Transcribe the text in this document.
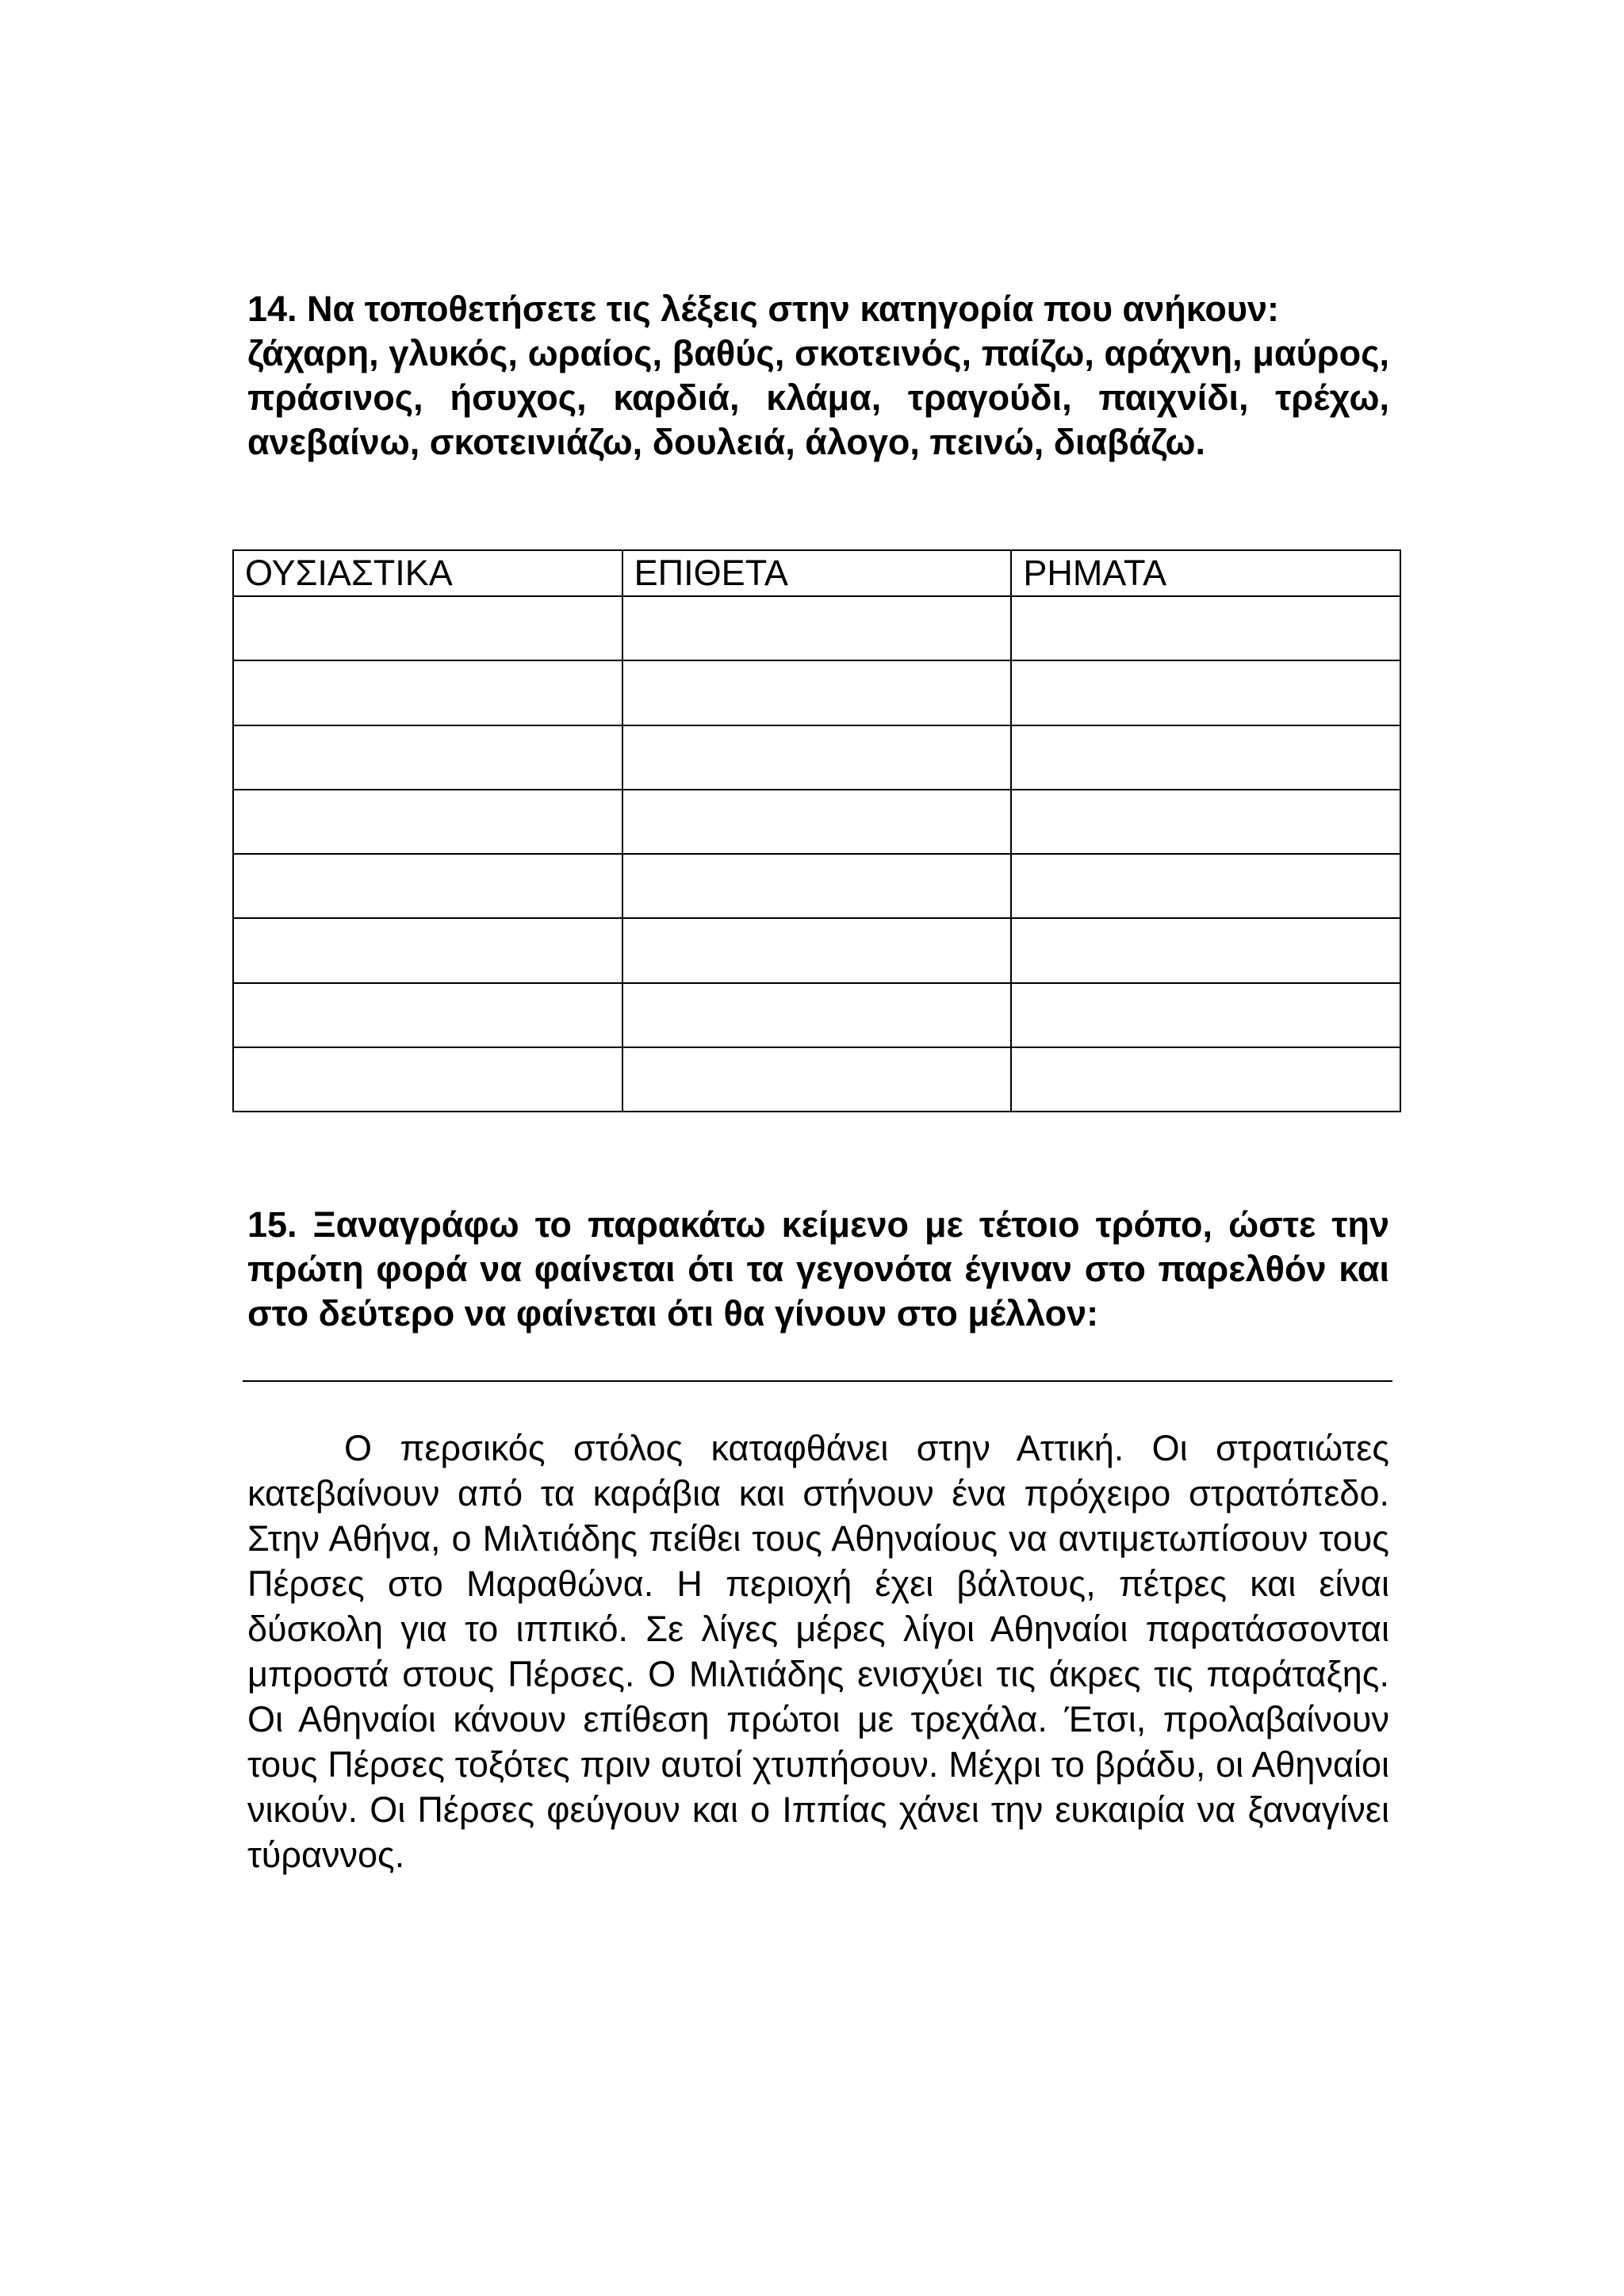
14. Να τοποθετήσετε τις λέξεις στην κατηγορία που ανήκουν:

ζάχαρη, γλυκός, ωραίος, βαθύς, σκοτεινός, παίζω, αράχνη, μαύρος, πράσινος, ήσυχος, καρδιά, κλάμα, τραγούδι, παιχνίδι, τρέχω, ανεβαίνω, σκοτεινιάζω, δουλειά, άλογο, πεινώ, διαβάζω.

ΟΥΣΙΑΣΤΙΚΑ	ΕΠΙΘΕΤΑ	ΡΗΜΑΤΑ

15. Ξαναγράφω το παρακάτω κείμενο με τέτοιο τρόπο, ώστε την πρώτη φορά να φαίνεται ότι τα γεγονότα έγιναν στο παρελθόν και στο δεύτερο να φαίνεται ότι θα γίνουν στο μέλλον:

Ο περσικός στόλος καταφθάνει στην Αττική. Οι στρατιώτες κατεβαίνουν από τα καράβια και στήνουν ένα πρόχειρο στρατόπεδο. Στην Αθήνα, ο Μιλτιάδης πείθει τους Αθηναίους να αντιμετωπίσουν τους Πέρσες στο Μαραθώνα. Η περιοχή έχει βάλτους, πέτρες και είναι δύσκολη για το ιππικό. Σε λίγες μέρες λίγοι Αθηναίοι παρατάσσονται μπροστά στους Πέρσες. Ο Μιλτιάδης ενισχύει τις άκρες τις παράταξης. Οι Αθηναίοι κάνουν επίθεση πρώτοι με τρεχάλα. Έτσι, προλαβαίνουν τους Πέρσες τοξότες πριν αυτοί χτυπήσουν. Μέχρι το βράδυ, οι Αθηναίοι νικούν. Οι Πέρσες φεύγουν και ο Ιππίας χάνει την ευκαιρία να ξαναγίνει τύραννος.
